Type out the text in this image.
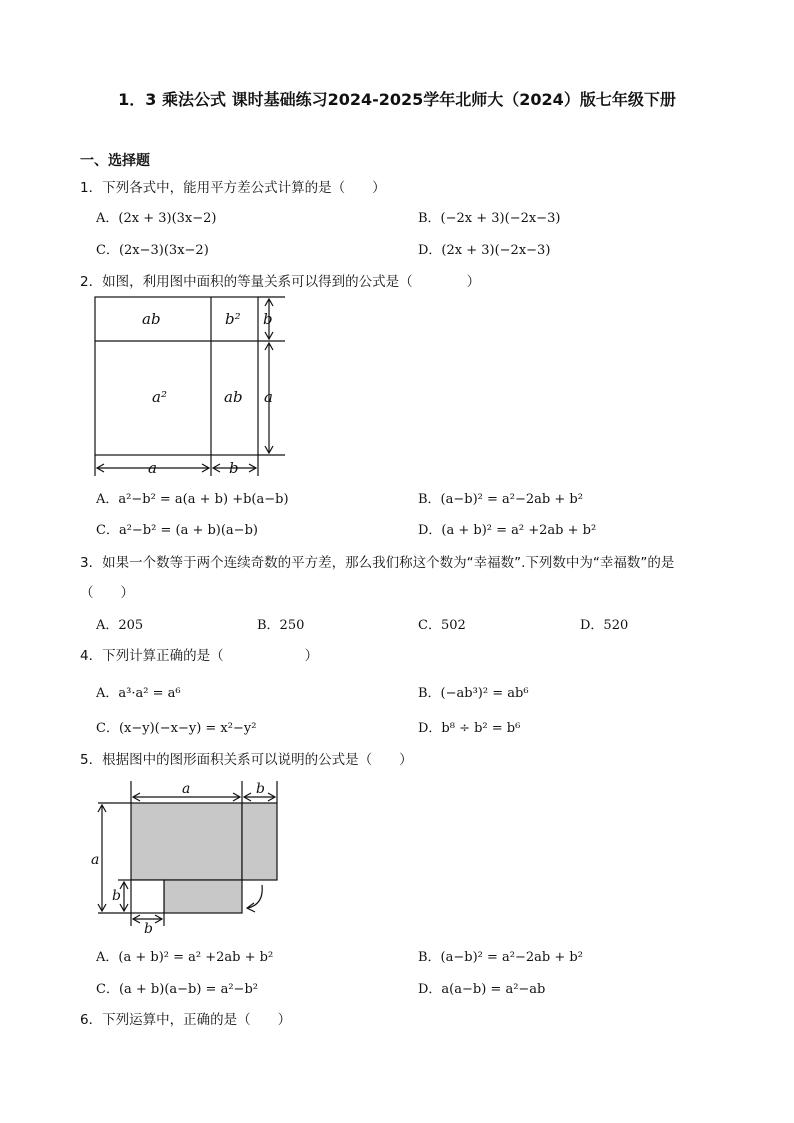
1．3 乘法公式 课时基础练习2024-2025学年北师大（2024）版七年级下册
一、选择题
1．下列各式中，能用平方差公式计算的是（　　）
A．(2x + 3)(3x−2)	B．(−2x + 3)(−2x−3)
C．(2x−3)(3x−2)	D．(2x + 3)(−2x−3)
2．如图，利用图中面积的等量关系可以得到的公式是（　　　　）
ab	b² b
a²	ab a
a	b
A．a²−b² = a(a + b) +b(a−b)	B．(a−b)² = a²−2ab + b²
C．a²−b² = (a + b)(a−b)	D．(a + b)² = a² +2ab + b²
3．如果一个数等于两个连续奇数的平方差，那么我们称这个数为“幸福数”.下列数中为“幸福数”的是
（　　）
A．205	B．250	C．502	D．520
4．下列计算正确的是（　　　　　　）
A．a³·a² = a⁶	B．(−ab³)² = ab⁶
C．(x−y)(−x−y) = x²−y²	D．b⁸ ÷ b² = b⁶
5．根据图中的图形面积关系可以说明的公式是（　　）
a	b
a
b
b
A．(a + b)² = a² +2ab + b²	B．(a−b)² = a²−2ab + b²
C．(a + b)(a−b) = a²−b²	D．a(a−b) = a²−ab
6．下列运算中，正确的是（　　）
